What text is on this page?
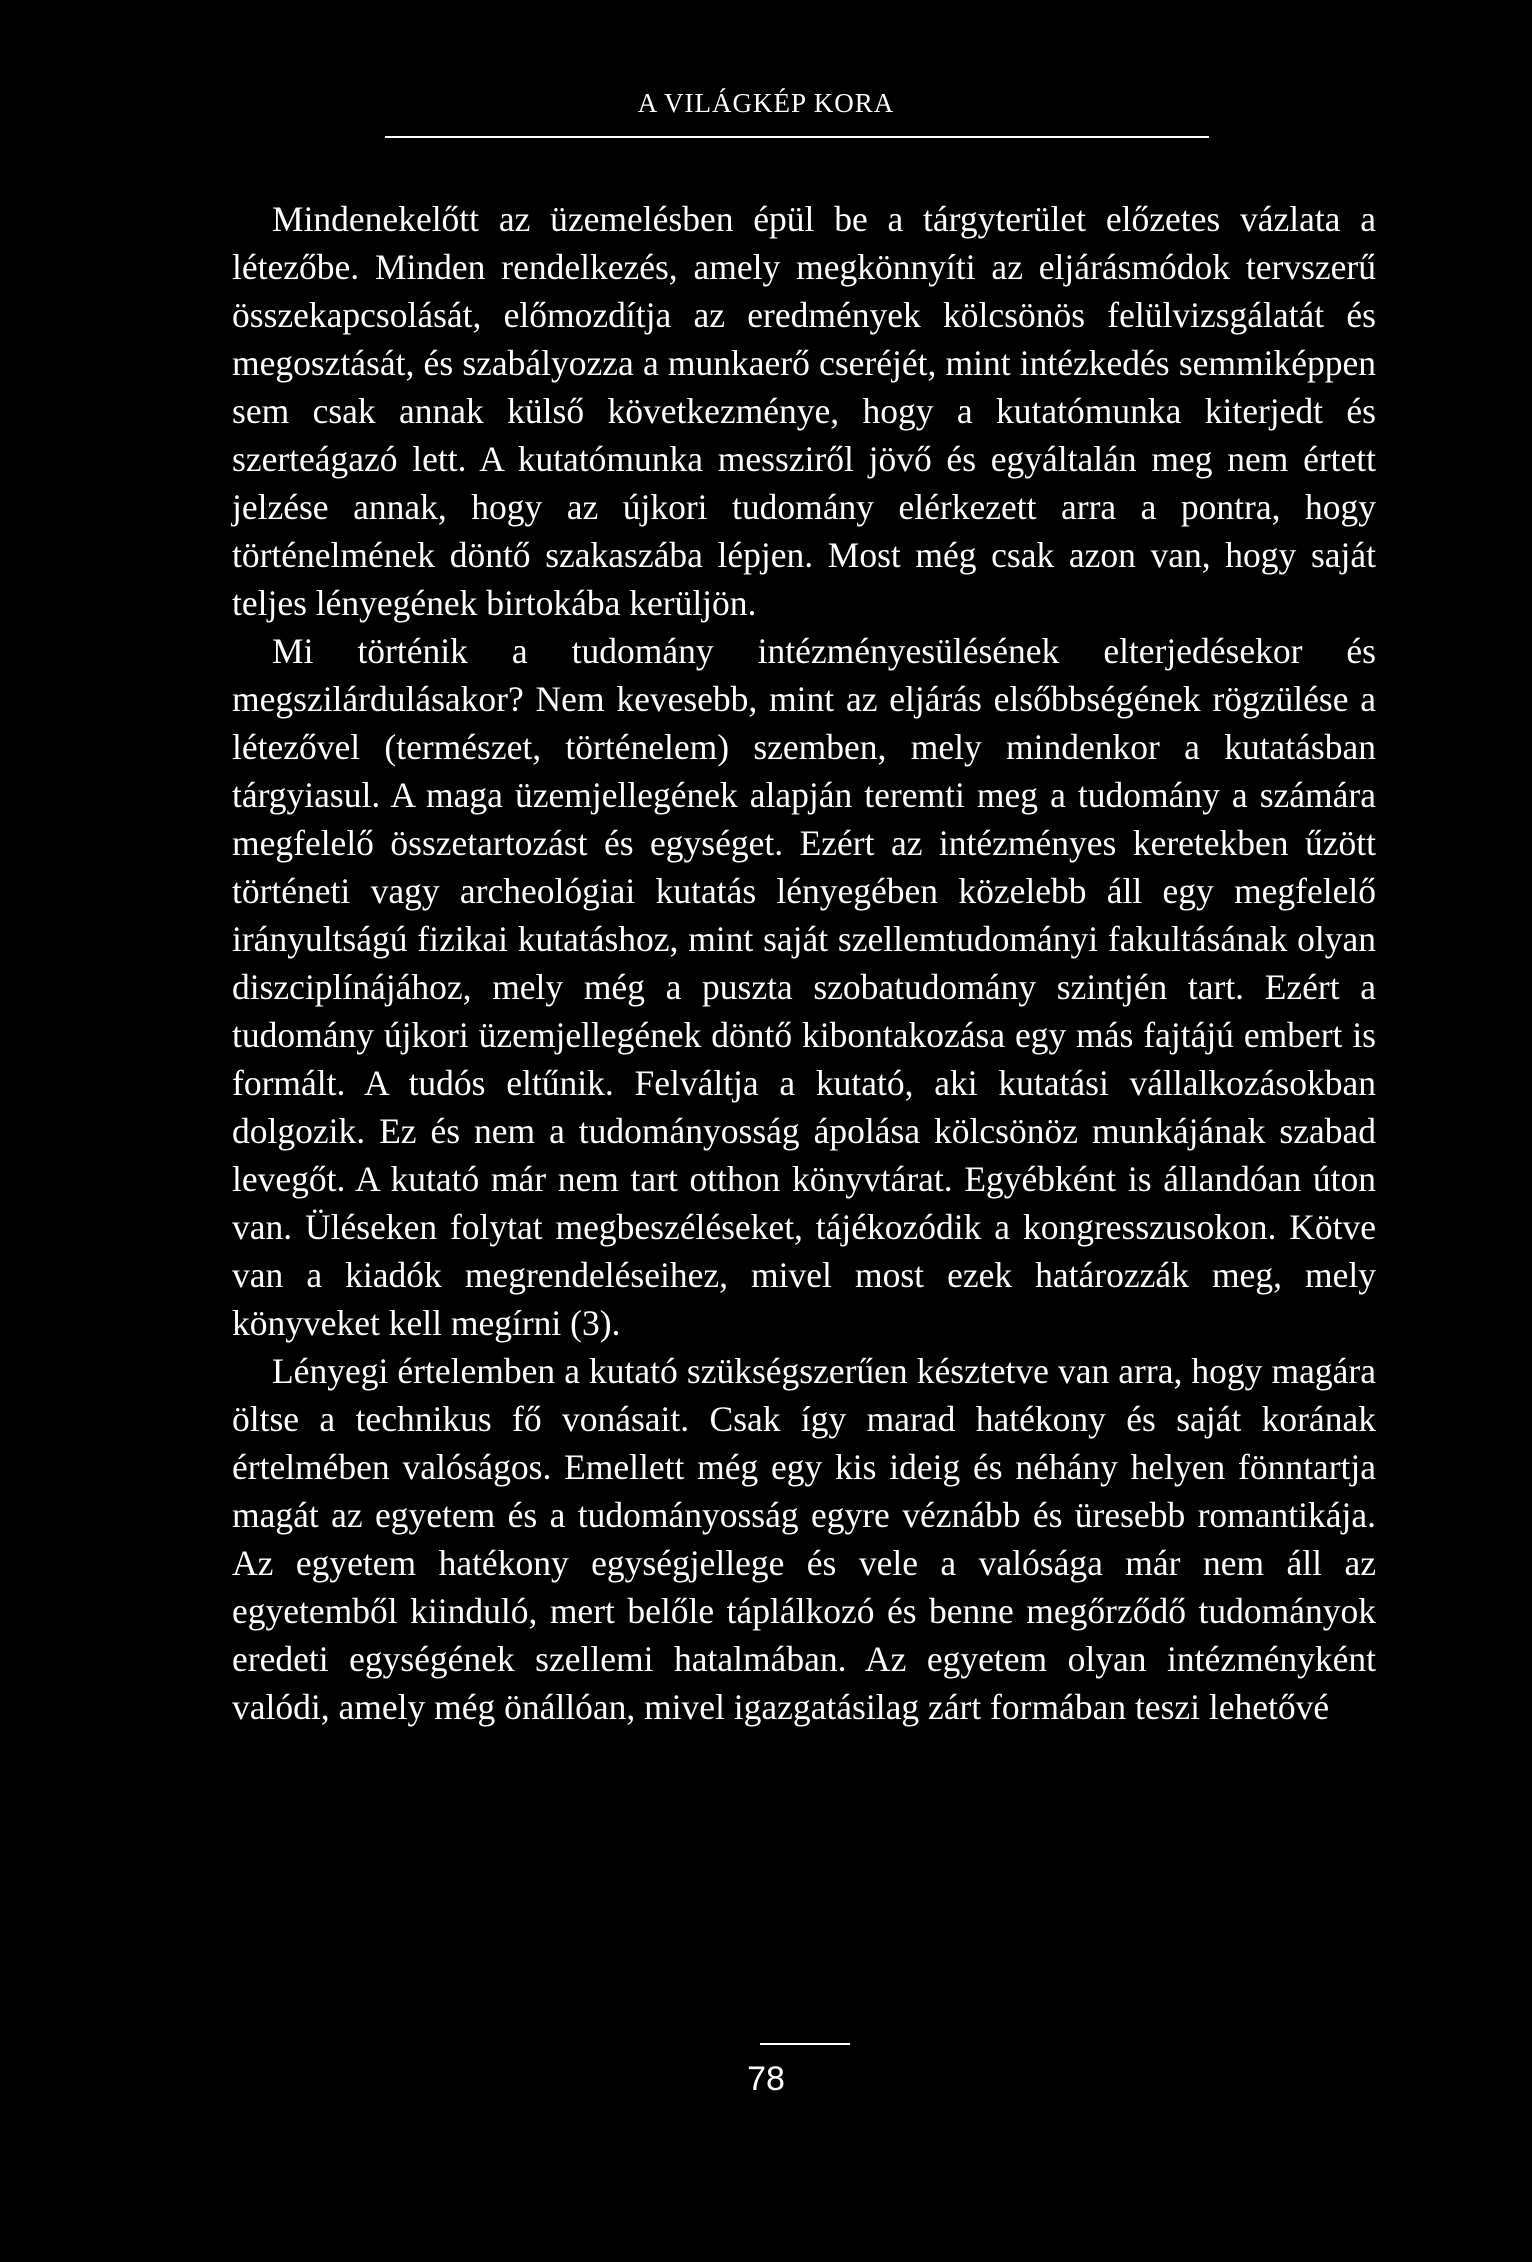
A VILÁGKÉP KORA

Mindenekelőtt az üzemelésben épül be a tárgyterület előzetes vázlata a létezőbe. Minden rendelkezés, amely megkönnyíti az eljárásmódok tervszerű összekapcsolását, előmozdítja az eredmények kölcsönös felülvizsgálatát és megosztását, és szabályozza a munkaerő cseréjét, mint intézkedés semmiképpen sem csak annak külső következménye, hogy a kutatómunka kiterjedt és szerteágazó lett. A kutatómunka messziről jövő és egyáltalán meg nem értett jelzése annak, hogy az újkori tudomány elérkezett arra a pontra, hogy történelmének döntő szakaszába lépjen. Most még csak azon van, hogy saját teljes lényegének birtokába kerüljön.

Mi történik a tudomány intézményesülésének elterjedésekor és megszilárdulásakor? Nem kevesebb, mint az eljárás elsőbbségének rögzülése a létezővel (természet, történelem) szemben, mely mindenkor a kutatásban tárgyiasul. A maga üzemjellegének alapján teremti meg a tudomány a számára megfelelő összetartozást és egységet. Ezért az intézményes keretekben űzött történeti vagy archeológiai kutatás lényegében közelebb áll egy megfelelő irányultságú fizikai kutatáshoz, mint saját szellemtudományi fakultásának olyan diszciplínájához, mely még a puszta szobatudomány szintjén tart. Ezért a tudomány újkori üzemjellegének döntő kibontakozása egy más fajtájú embert is formált. A tudós eltűnik. Felváltja a kutató, aki kutatási vállalkozásokban dolgozik. Ez és nem a tudományosság ápolása kölcsönöz munkájának szabad levegőt. A kutató már nem tart otthon könyvtárat. Egyébként is állandóan úton van. Üléseken folytat megbeszéléseket, tájékozódik a kongresszusokon. Kötve van a kiadók megrendeléseihez, mivel most ezek határozzák meg, mely könyveket kell megírni (3).

Lényegi értelemben a kutató szükségszerűen késztetve van arra, hogy magára öltse a technikus fő vonásait. Csak így marad hatékony és saját korának értelmében valóságos. Emellett még egy kis ideig és néhány helyen fönntartja magát az egyetem és a tudományosság egyre véznább és üresebb romantikája. Az egyetem hatékony egységjellege és vele a valósága már nem áll az egyetemből kiinduló, mert belőle táplálkozó és benne megőrződő tudományok eredeti egységének szellemi hatalmában. Az egyetem olyan intézményként valódi, amely még önállóan, mivel igazgatásilag zárt formában teszi lehetővé

78
